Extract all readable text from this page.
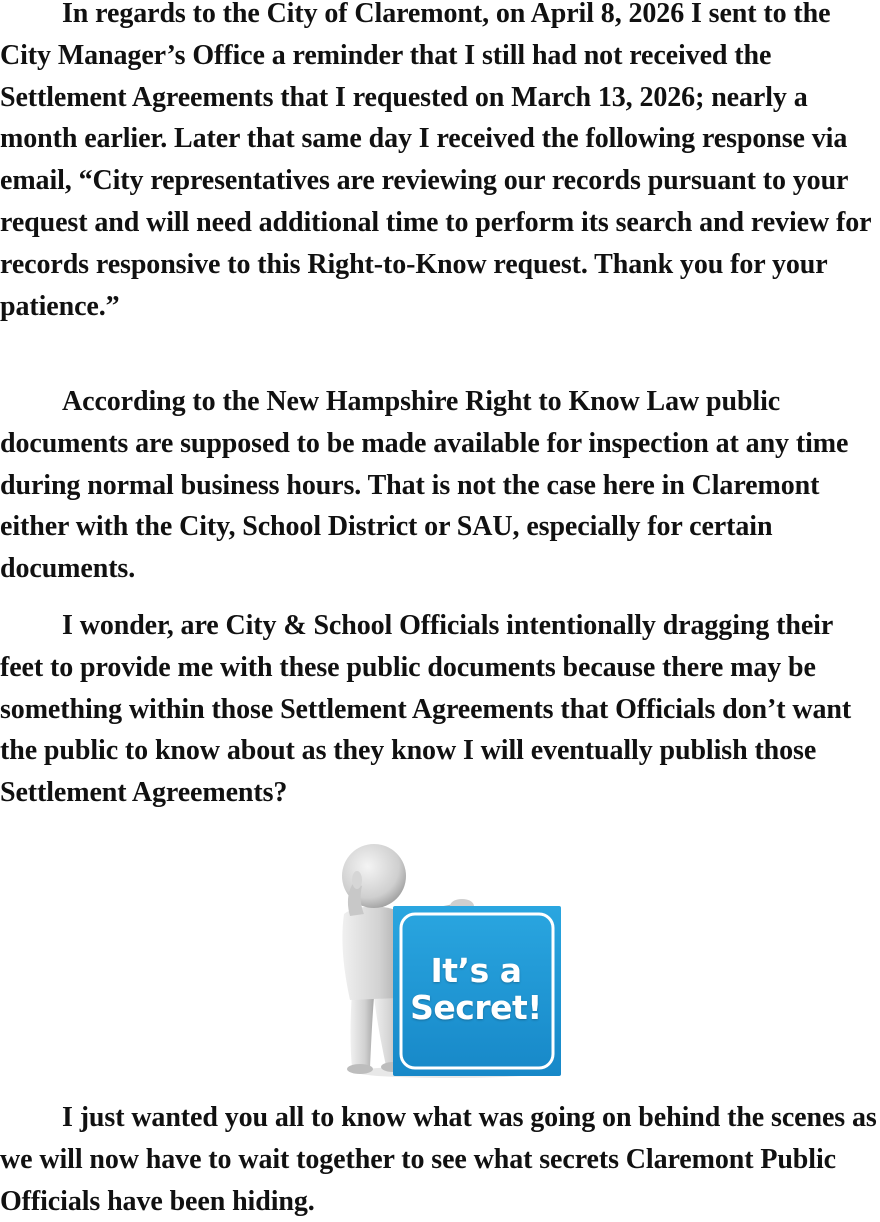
In regards to the City of Claremont, on April 8, 2026 I sent to the City Manager’s Office a reminder that I still had not received the Settlement Agreements that I requested on March 13, 2026; nearly a month earlier. Later that same day I received the following response via email, “City representatives are reviewing our records pursuant to your request and will need additional time to perform its search and review for records responsive to this Right-to-Know request. Thank you for your patience.”

According to the New Hampshire Right to Know Law public documents are supposed to be made available for inspection at any time during normal business hours. That is not the case here in Claremont either with the City, School District or SAU, especially for certain documents.

I wonder, are City & School Officials intentionally dragging their feet to provide me with these public documents because there may be something within those Settlement Agreements that Officials don’t want the public to know about as they know I will eventually publish those Settlement Agreements?

It’s a
Secret!

I just wanted you all to know what was going on behind the scenes as we will now have to wait together to see what secrets Claremont Public Officials have been hiding.
